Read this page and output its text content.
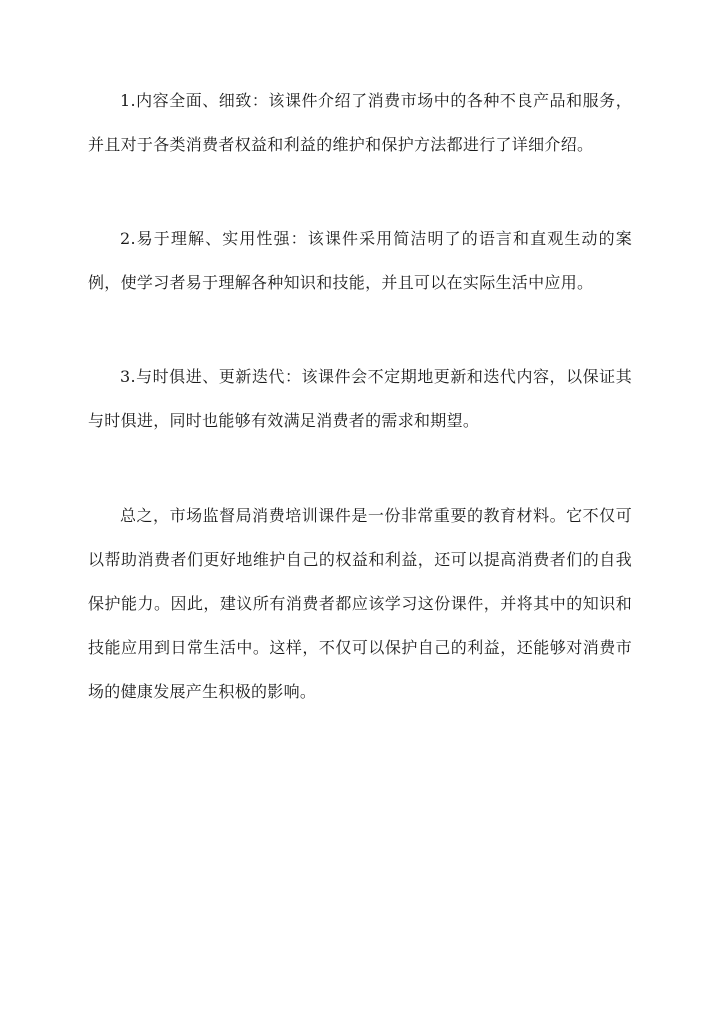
1.内容全面、细致：该课件介绍了消费市场中的各种不良产品和服务，并且对于各类消费者权益和利益的维护和保护方法都进行了详细介绍。

2.易于理解、实用性强：该课件采用简洁明了的语言和直观生动的案例，使学习者易于理解各种知识和技能，并且可以在实际生活中应用。

3.与时俱进、更新迭代：该课件会不定期地更新和迭代内容，以保证其与时俱进，同时也能够有效满足消费者的需求和期望。

总之，市场监督局消费培训课件是一份非常重要的教育材料。它不仅可以帮助消费者们更好地维护自己的权益和利益，还可以提高消费者们的自我保护能力。因此，建议所有消费者都应该学习这份课件，并将其中的知识和技能应用到日常生活中。这样，不仅可以保护自己的利益，还能够对消费市场的健康发展产生积极的影响。
